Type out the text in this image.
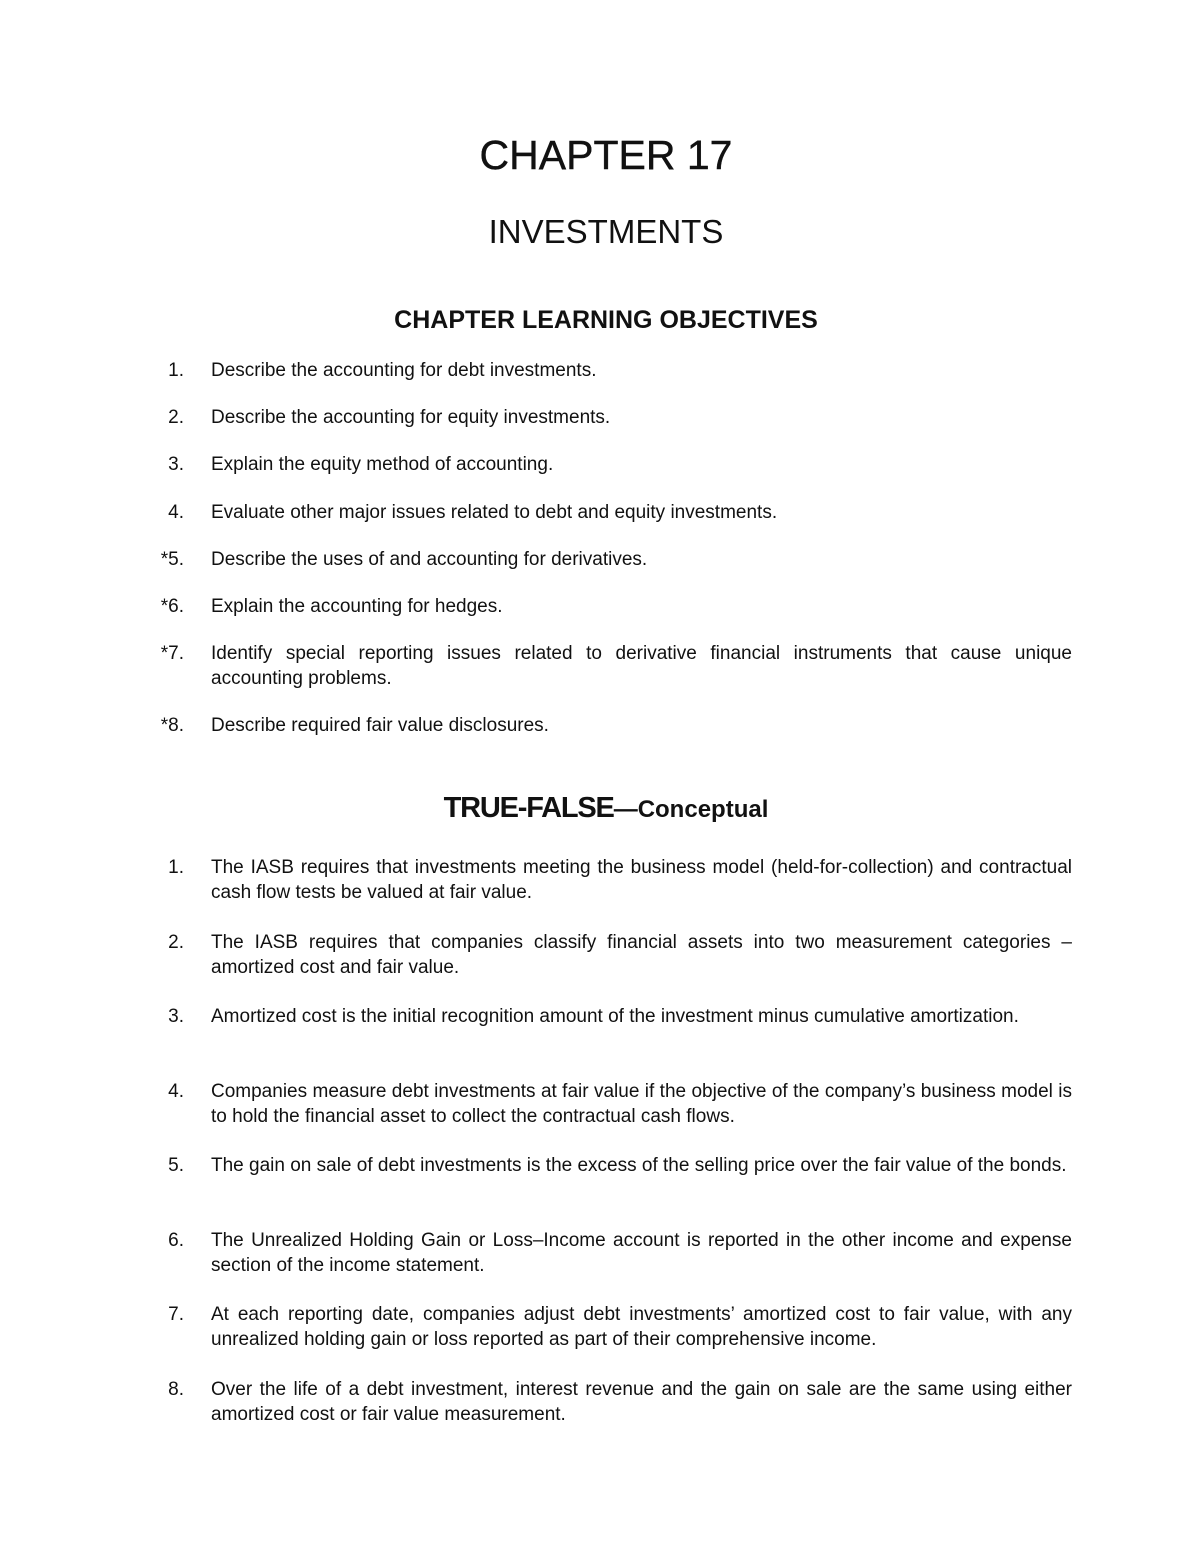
CHAPTER 17
INVESTMENTS
CHAPTER LEARNING OBJECTIVES
1. Describe the accounting for debt investments.
2. Describe the accounting for equity investments.
3. Explain the equity method of accounting.
4. Evaluate other major issues related to debt and equity investments.
*5. Describe the uses of and accounting for derivatives.
*6. Explain the accounting for hedges.
*7. Identify special reporting issues related to derivative financial instruments that cause unique accounting problems.
*8. Describe required fair value disclosures.
TRUE-FALSE—Conceptual
1. The IASB requires that investments meeting the business model (held-for-collection) and contractual cash flow tests be valued at fair value.
2. The IASB requires that companies classify financial assets into two measurement categories – amortized cost and fair value.
3. Amortized cost is the initial recognition amount of the investment minus cumulative amortization.
4. Companies measure debt investments at fair value if the objective of the company’s business model is to hold the financial asset to collect the contractual cash flows.
5. The gain on sale of debt investments is the excess of the selling price over the fair value of the bonds.
6. The Unrealized Holding Gain or Loss–Income account is reported in the other income and expense section of the income statement.
7. At each reporting date, companies adjust debt investments’ amortized cost to fair value, with any unrealized holding gain or loss reported as part of their comprehensive income.
8. Over the life of a debt investment, interest revenue and the gain on sale are the same using either amortized cost or fair value measurement.
